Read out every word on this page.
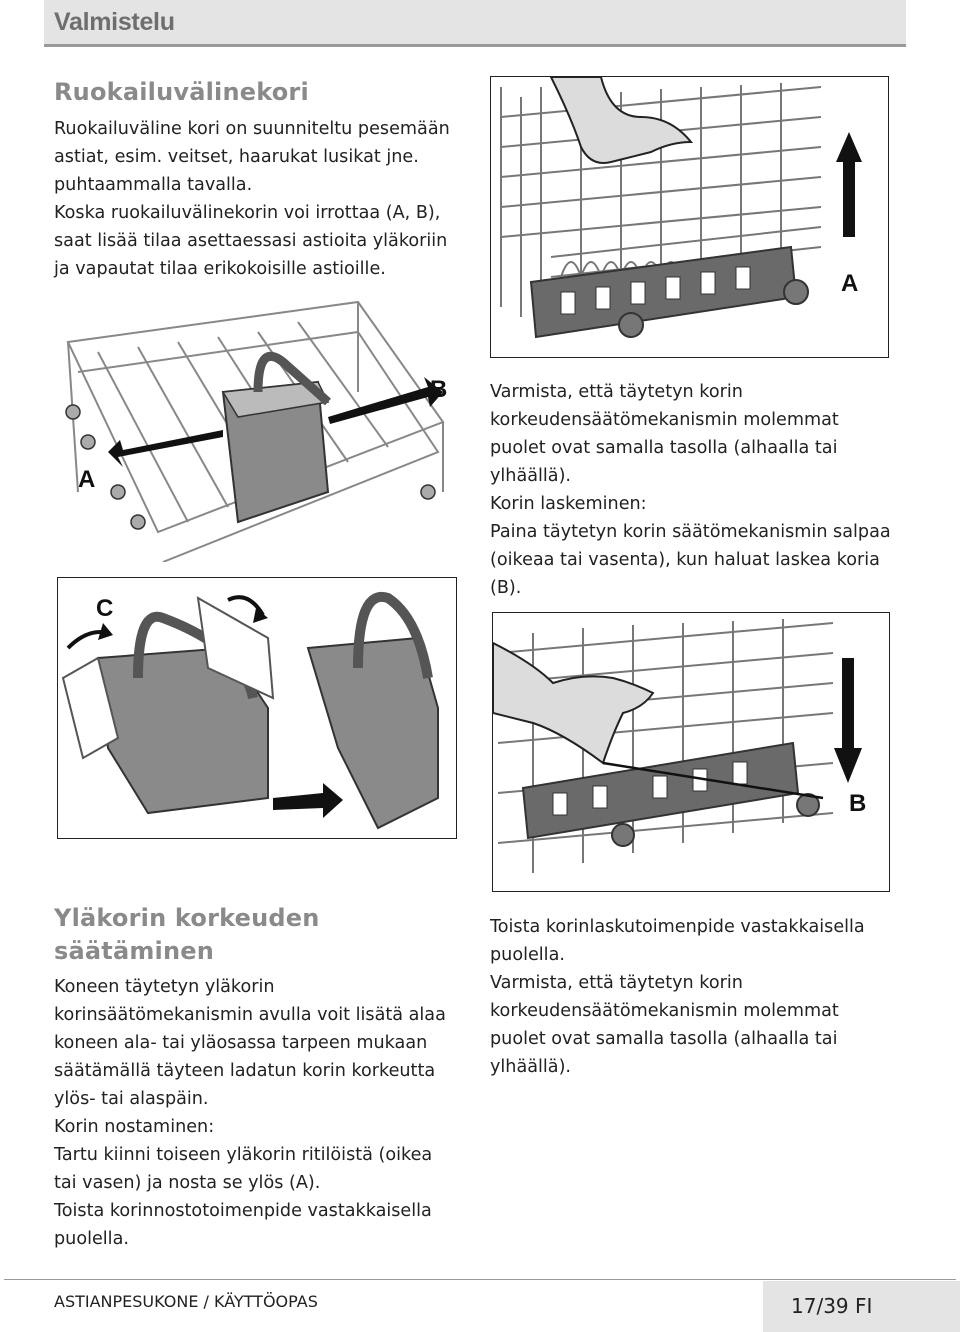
Valmistelu
Ruokailuvälinekori

Ruokailuväline kori on suunniteltu pesemään astiat, esim. veitset, haarukat lusikat jne. puhtaammalla tavalla.

Koska ruokailuvälinekorin voi irrottaa (A, B), saat lisää tilaa asettaessasi astioita yläkoriin ja vapautat tilaa erikokoisille astioille.

A
A
B
C

Varmista, että täytetyn korin korkeudensäätömekanismin molemmat puolet ovat samalla tasolla (alhaalla tai ylhäällä).

Korin laskeminen:

Paina täytetyn korin säätömekanismin salpaa (oikeaa tai vasenta), kun haluat laskea koria (B).

B
Yläkorin korkeuden
säätäminen

Koneen täytetyn yläkorin korinsäätömekanismin avulla voit lisätä alaa koneen ala- tai yläosassa tarpeen mukaan säätämällä täyteen ladatun korin korkeutta ylös- tai alaspäin.

Korin nostaminen:

Tartu kiinni toiseen yläkorin ritilöistä (oikea tai vasen) ja nosta se ylös (A).

Toista korinnostotoimenpide vastakkaisella puolella.

Toista korinlaskutoimenpide vastakkaisella puolella.

Varmista, että täytetyn korin korkeudensäätömekanismin molemmat puolet ovat samalla tasolla (alhaalla tai ylhäällä).

ASTIANPESUKONE / KÄYTTÖOPAS	17/39 FI
